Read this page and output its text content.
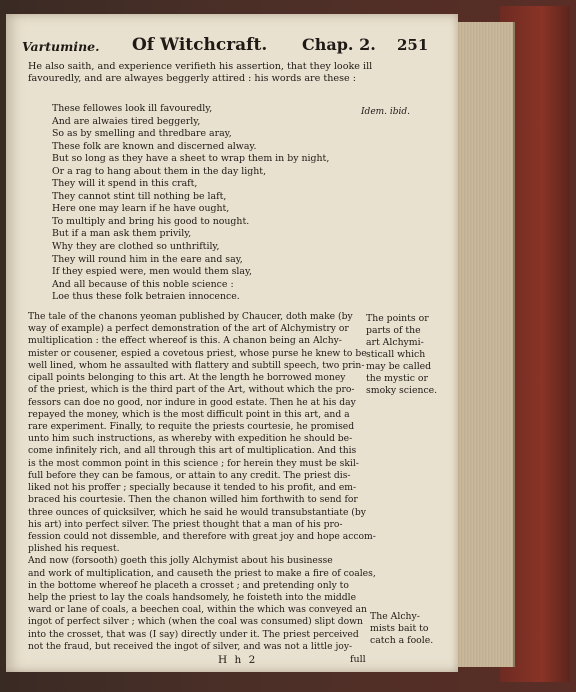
Vartumine. Of Witchcraft. Chap. 2. 251
He also saith, and experience verifieth his assertion, that they looke ill
favouredly, and are alwayes beggerly attired : his words are these :
These fellowes look ill favouredly,
And are alwaies tired beggerly,
So as by smelling and thredbare aray,
These folk are known and discerned alway.
But so long as they have a sheet to wrap them in by night,
Or a rag to hang about them in the day light,
They will it spend in this craft,
They cannot stint till nothing be laft,
Here one may learn if he have ought,
To multiply and bring his good to nought.
But if a man ask them privily,
Why they are clothed so unthriftily,
They will round him in the eare and say,
If they espied were, men would them slay,
And all because of this noble science :
Loe thus these folk betraien innocence.
Idem. ibid.
The tale of the chanons yeoman published by Chaucer, doth make (by
way of example) a perfect demonstration of the art of Alchymistry or
multiplication : the effect whereof is this. A chanon being an Alchy-
mister or cousener, espied a covetous priest, whose purse he knew to be
well lined, whom he assaulted with flattery and subtill speech, two prin-
cipall points belonging to this art. At the length he borrowed money
of the priest, which is the third part of the Art, without which the pro-
fessors can doe no good, nor indure in good estate. Then he at his day
repayed the money, which is the most difficult point in this art, and a
rare experiment. Finally, to requite the priests courtesie, he promised
unto him such instructions, as whereby with expedition he should be-
come infinitely rich, and all through this art of multiplication. And this
is the most common point in this science ; for herein they must be skil-
full before they can be famous, or attain to any credit. The priest dis-
liked not his proffer ; specially because it tended to his profit, and em-
braced his courtesie. Then the chanon willed him forthwith to send for
three ounces of quicksilver, which he said he would transubstantiate (by
his art) into perfect silver. The priest thought that a man of his pro-
fession could not dissemble, and therefore with great joy and hope accom-
plished his request.
And now (forsooth) goeth this jolly Alchymist about his businesse
and work of multiplication, and causeth the priest to make a fire of coales,
in the bottome whereof he placeth a crosset ; and pretending only to
help the priest to lay the coals handsomely, he foisteth into the middle
ward or lane of coals, a beechen coal, within the which was conveyed an
ingot of perfect silver ; which (when the coal was consumed) slipt down
into the crosset, that was (I say) directly under it. The priest perceived
not the fraud, but received the ingot of silver, and was not a little joy-
The points or
parts of the
art Alchymi-
sticall which
may be called
the mystic or
smoky science.
The Alchy-
mists bait to
catch a foole.
H h 2	full
